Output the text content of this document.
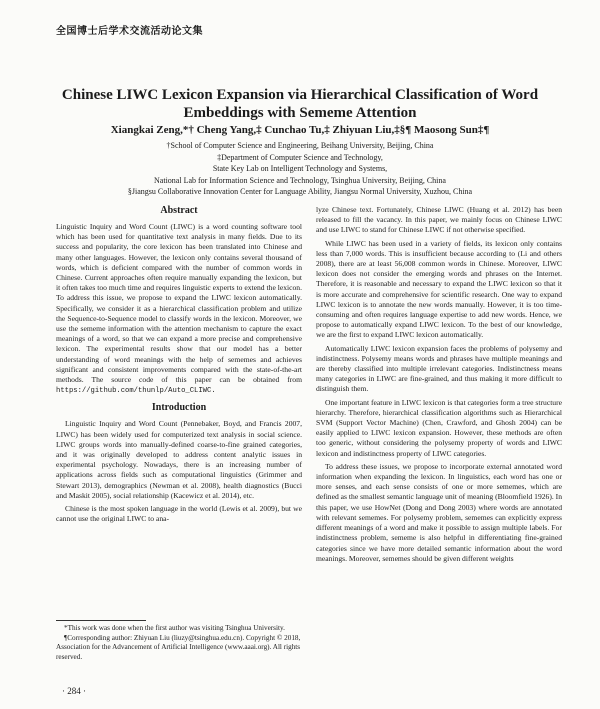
全国博士后学术交流活动论文集
Chinese LIWC Lexicon Expansion via Hierarchical Classification of Word Embeddings with Sememe Attention
Xiangkai Zeng,*† Cheng Yang,‡ Cunchao Tu,‡ Zhiyuan Liu,‡§¶ Maosong Sun‡¶
†School of Computer Science and Engineering, Beihang University, Beijing, China
‡Department of Computer Science and Technology,
State Key Lab on Intelligent Technology and Systems,
National Lab for Information Science and Technology, Tsinghua University, Beijing, China
§Jiangsu Collaborative Innovation Center for Language Ability, Jiangsu Normal University, Xuzhou, China
Abstract

Linguistic Inquiry and Word Count (LIWC) is a word counting software tool which has been used for quantitative text analysis in many fields. Due to its success and popularity, the core lexicon has been translated into Chinese and many other languages. However, the lexicon only contains several thousand of words, which is deficient compared with the number of common words in Chinese. Current approaches often require manually expanding the lexicon, but it often takes too much time and requires linguistic experts to extend the lexicon. To address this issue, we propose to expand the LIWC lexicon automatically. Specifically, we consider it as a hierarchical classification problem and utilize the Sequence-to-Sequence model to classify words in the lexicon. Moreover, we use the sememe information with the attention mechanism to capture the exact meanings of a word, so that we can expand a more precise and comprehensive lexicon. The experimental results show that our model has a better understanding of word meanings with the help of sememes and achieves significant and consistent improvements compared with the state-of-the-art methods. The source code of this paper can be obtained from https://github.com/thunlp/Auto_CLIWC.

Introduction

Linguistic Inquiry and Word Count (Pennebaker, Boyd, and Francis 2007, LIWC) has been widely used for computerized text analysis in social science. LIWC groups words into manually-defined coarse-to-fine grained categories, and it was originally developed to address content analytic issues in experimental psychology. Nowadays, there is an increasing number of applications across fields such as computational linguistics (Grimmer and Stewart 2013), demographics (Newman et al. 2008), health diagnostics (Bucci and Maskit 2005), social relationship (Kacewicz et al. 2014), etc.

Chinese is the most spoken language in the world (Lewis et al. 2009), but we cannot use the original LIWC to ana-

lyze Chinese text. Fortunately, Chinese LIWC (Huang et al. 2012) has been released to fill the vacancy. In this paper, we mainly focus on Chinese LIWC and use LIWC to stand for Chinese LIWC if not otherwise specified.

While LIWC has been used in a variety of fields, its lexicon only contains less than 7,000 words. This is insufficient because according to (Li and others 2008), there are at least 56,008 common words in Chinese. Moreover, LIWC lexicon does not consider the emerging words and phrases on the Internet. Therefore, it is reasonable and necessary to expand the LIWC lexicon so that it is more accurate and comprehensive for scientific research. One way to expand LIWC lexicon is to annotate the new words manually. However, it is too time-consuming and often requires language expertise to add new words. Hence, we propose to automatically expand LIWC lexicon. To the best of our knowledge, we are the first to expand LIWC lexicon automatically.

Automatically LIWC lexicon expansion faces the problems of polysemy and indistinctness. Polysemy means words and phrases have multiple meanings and are thereby classified into multiple irrelevant categories. Indistinctness means many categories in LIWC are fine-grained, and thus making it more difficult to distinguish them.

One important feature in LIWC lexicon is that categories form a tree structure hierarchy. Therefore, hierarchical classification algorithms such as Hierarchical SVM (Support Vector Machine) (Chen, Crawford, and Ghosh 2004) can be easily applied to LIWC lexicon expansion. However, these methods are often too generic, without considering the polysemy property of words and LIWC lexicon and indistinctness property of LIWC categories.

To address these issues, we propose to incorporate external annotated word information when expanding the lexicon. In linguistics, each word has one or more senses, and each sense consists of one or more sememes, which are defined as the smallest semantic language unit of meaning (Bloomfield 1926). In this paper, we use HowNet (Dong and Dong 2003) where words are annotated with relevant sememes. For polysemy problem, sememes can explicitly express different meanings of a word and make it possible to assign multiple labels. For indistinctness problem, sememe is also helpful in differentiating fine-grained categories since we have more detailed semantic information about the word meanings. Moreover, sememes should be given different weights

*This work was done when the first author was visiting Tsinghua University.
¶Corresponding author: Zhiyuan Liu (liuzy@tsinghua.edu.cn). Copyright © 2018, Association for the Advancement of Artificial Intelligence (www.aaai.org). All rights reserved.
· 284 ·
